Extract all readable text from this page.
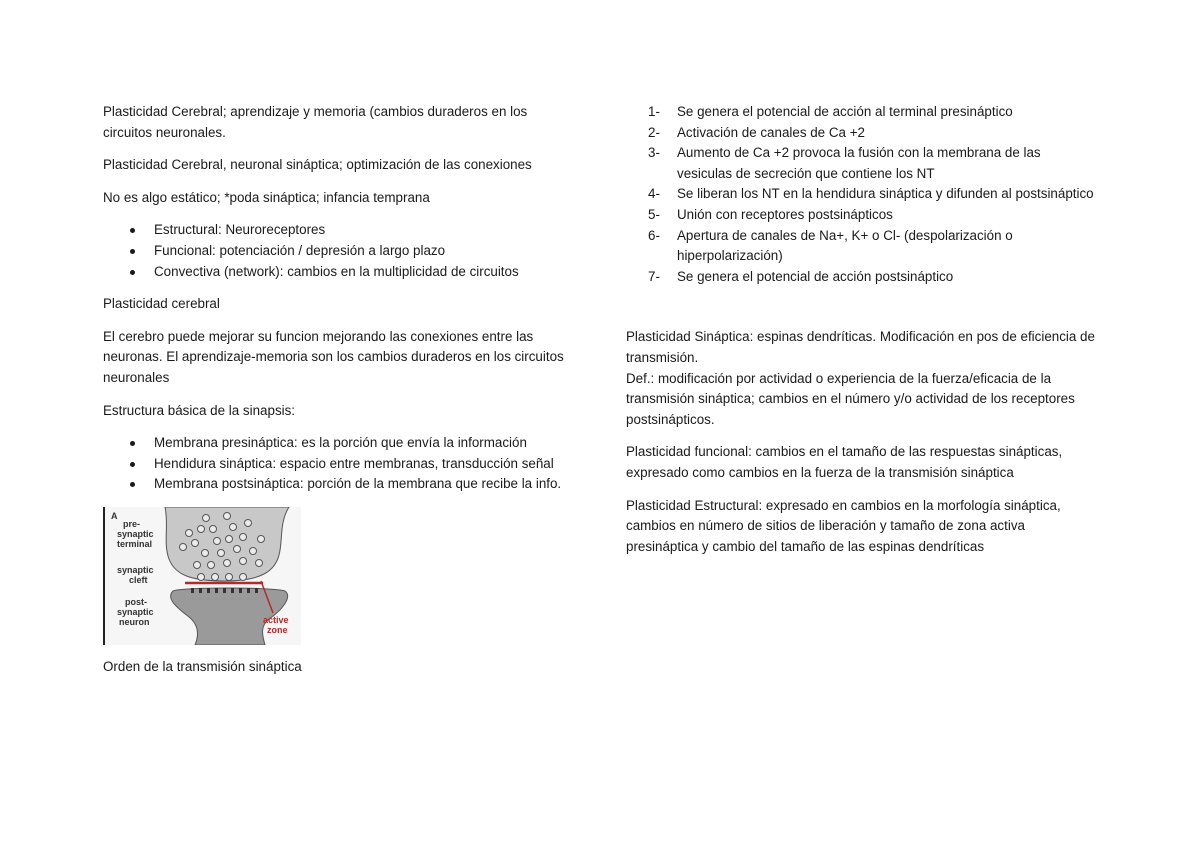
Plasticidad Cerebral; aprendizaje y memoria (cambios duraderos en los circuitos neuronales.

Plasticidad Cerebral, neuronal sináptica; optimización de las conexiones

No es algo estático; *poda sináptica; infancia temprana

Estructural: Neuroreceptores
Funcional: potenciación / depresión a largo plazo
Convectiva (network): cambios en la multiplicidad de circuitos

Plasticidad cerebral

El cerebro puede mejorar su funcion mejorando las conexiones entre las neuronas. El aprendizaje-memoria son los cambios duraderos en los circuitos neuronales

Estructura básica de la sinapsis:

Membrana presináptica: es la porción que envía la información
Hendidura sináptica: espacio entre membranas, transducción señal
Membrana postsináptica: porción de la membrana que recibe la info.
A
pre-
synaptic
terminal
synaptic
cleft
post-
synaptic
neuron	active
zone

Orden de la transmisión sináptica

1- Se genera el potencial de acción al terminal presináptico
2- Activación de canales de Ca +2
3- Aumento de Ca +2 provoca la fusión con la membrana de las vesiculas de secreción que contiene los NT
4- Se liberan los NT en la hendidura sináptica y difunden al postsináptico
5- Unión con receptores postsinápticos
6- Apertura de canales de Na+, K+ o Cl- (despolarización o hiperpolarización)
7- Se genera el potencial de acción postsináptico

Plasticidad Sináptica: espinas dendríticas. Modificación en pos de eficiencia de transmisión.

Def.: modificación por actividad o experiencia de la fuerza/eficacia de la transmisión sináptica; cambios en el número y/o actividad de los receptores postsinápticos.

Plasticidad funcional: cambios en el tamaño de las respuestas sinápticas, expresado como cambios en la fuerza de la transmisión sináptica

Plasticidad Estructural: expresado en cambios en la morfología sináptica, cambios en número de sitios de liberación y tamaño de zona activa presináptica y cambio del tamaño de las espinas dendríticas
